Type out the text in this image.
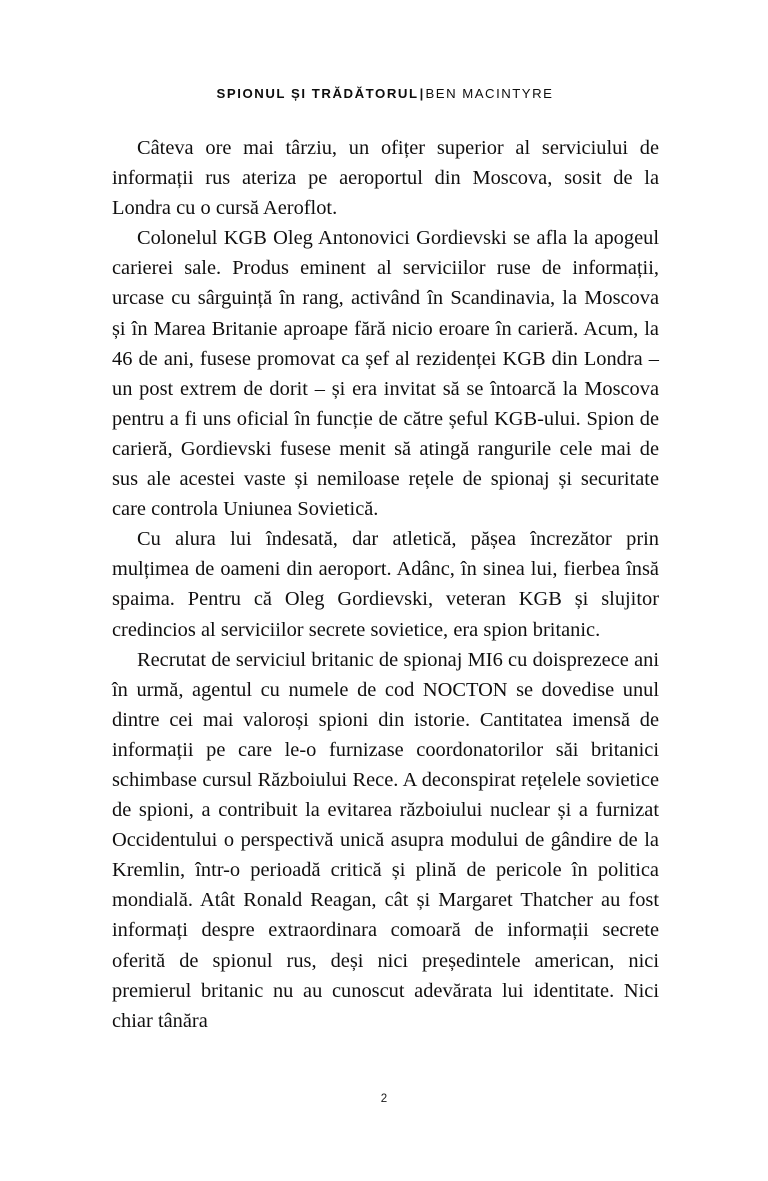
SPIONUL ȘI TRĂDĂTORUL|BEN MACINTYRE

Câteva ore mai târziu, un ofițer superior al serviciului de informații rus ateriza pe aeroportul din Moscova, sosit de la Londra cu o cursă Aeroflot.

Colonelul KGB Oleg Antonovici Gordievski se afla la apogeul carierei sale. Produs eminent al serviciilor ruse de informații, urcase cu sârguință în rang, activând în Scandinavia, la Moscova și în Marea Britanie aproape fără nicio eroare în carieră. Acum, la 46 de ani, fusese promovat ca șef al rezidenței KGB din Londra – un post extrem de dorit – și era invitat să se întoarcă la Moscova pentru a fi uns oficial în funcție de către șeful KGB-ului. Spion de carieră, Gordievski fusese menit să atingă rangurile cele mai de sus ale acestei vaste și nemiloase rețele de spionaj și securitate care controla Uniunea Sovietică.

Cu alura lui îndesată, dar atletică, pășea încrezător prin mulțimea de oameni din aeroport. Adânc, în sinea lui, fierbea însă spaima. Pentru că Oleg Gordievski, veteran KGB și slujitor credincios al serviciilor secrete sovietice, era spion britanic.

Recrutat de serviciul britanic de spionaj MI6 cu doisprezece ani în urmă, agentul cu numele de cod NOCTON se dovedise unul dintre cei mai valoroși spioni din istorie. Cantitatea imensă de informații pe care le-o furnizase coordonatorilor săi britanici schimbase cursul Războiului Rece. A deconspirat rețelele sovietice de spioni, a contribuit la evitarea războiului nuclear și a furnizat Occidentului o perspectivă unică asupra modului de gândire de la Kremlin, într-o perioadă critică și plină de pericole în politica mondială. Atât Ronald Reagan, cât și Margaret Thatcher au fost informați despre extraordinara comoară de informații secrete oferită de spionul rus, deși nici președintele american, nici premierul britanic nu au cunoscut adevărata lui identitate. Nici chiar tânăra

2
